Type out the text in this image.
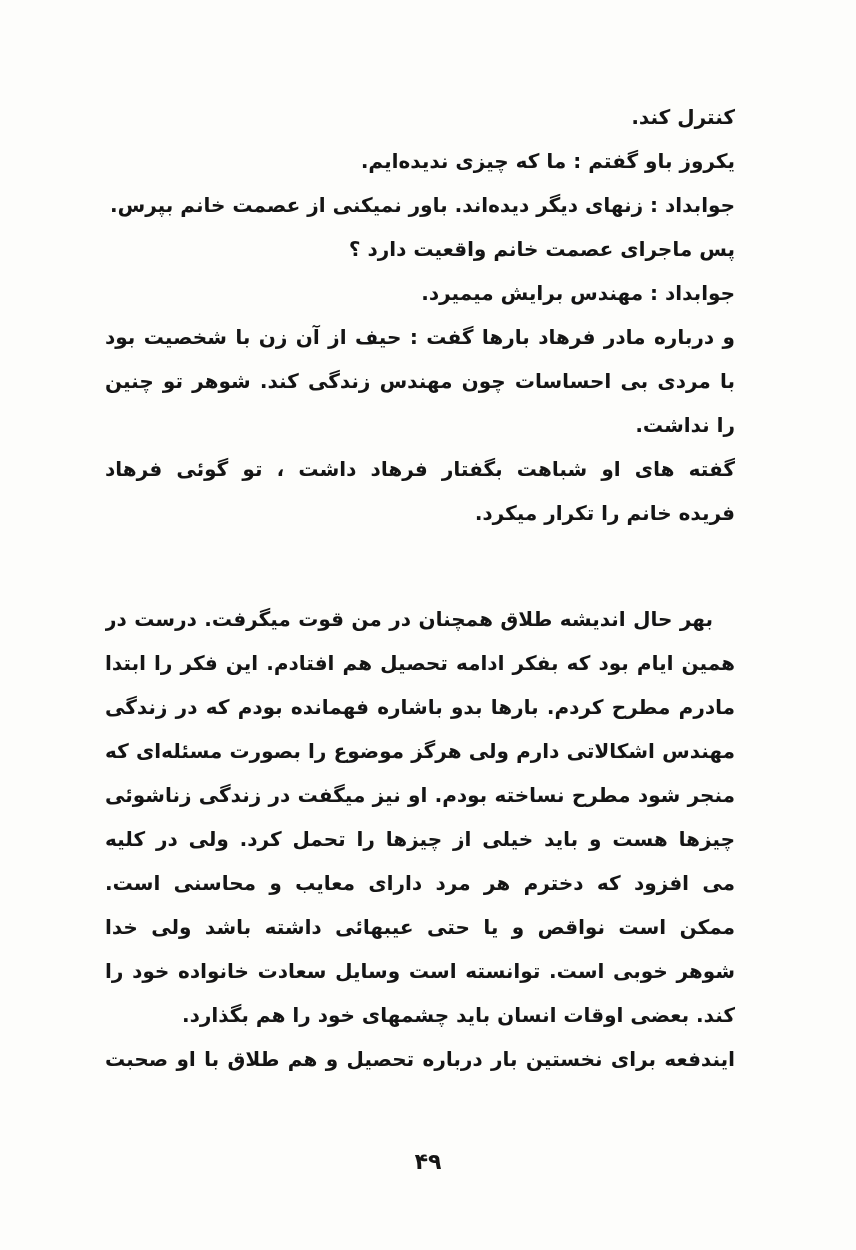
کنترل کند.
یکروز باو گفتم : ما که چیزی ندیده‌ایم.
جوابداد : زنهای دیگر دیده‌اند. باور نمیکنی از عصمت خانم بپرس.
پس ماجرای عصمت خانم واقعیت دارد ؟
جوابداد : مهندس برایش میمیرد.
و درباره مادر فرهاد بارها گفت : حیف از آن زن با شخصیت بود
با مردی بی احساسات چون مهندس زندگی کند. شوهر تو چنین
را نداشت.
گفته های او شباهت بگفتار فرهاد داشت ، تو گوئی فرهاد
فریده خانم را تکرار میکرد.
بهر حال اندیشه طلاق همچنان در من قوت میگرفت. درست در
همین ایام بود که بفکر ادامه تحصیل هم افتادم. این فکر را ابتدا
مادرم مطرح کردم. بارها بدو باشاره فهمانده بودم که در زندگی
مهندس اشکالاتی دارم ولی هرگز موضوع را بصورت مسئله‌ای که
منجر شود مطرح نساخته بودم. او نیز میگفت در زندگی زناشوئی
چیزها هست و باید خیلی از چیزها را تحمل کرد. ولی در کلیه
می افزود که دخترم هر مرد دارای معایب و محاسنی است.
ممکن است نواقص و یا حتی عیبهائی داشته باشد ولی خدا
شوهر خوبی است. توانسته است وسایل سعادت خانواده خود را
کند. بعضی اوقات انسان باید چشمهای خود را هم بگذارد.
ایندفعه برای نخستین بار درباره تحصیل و هم طلاق با او صحبت
۴۹
